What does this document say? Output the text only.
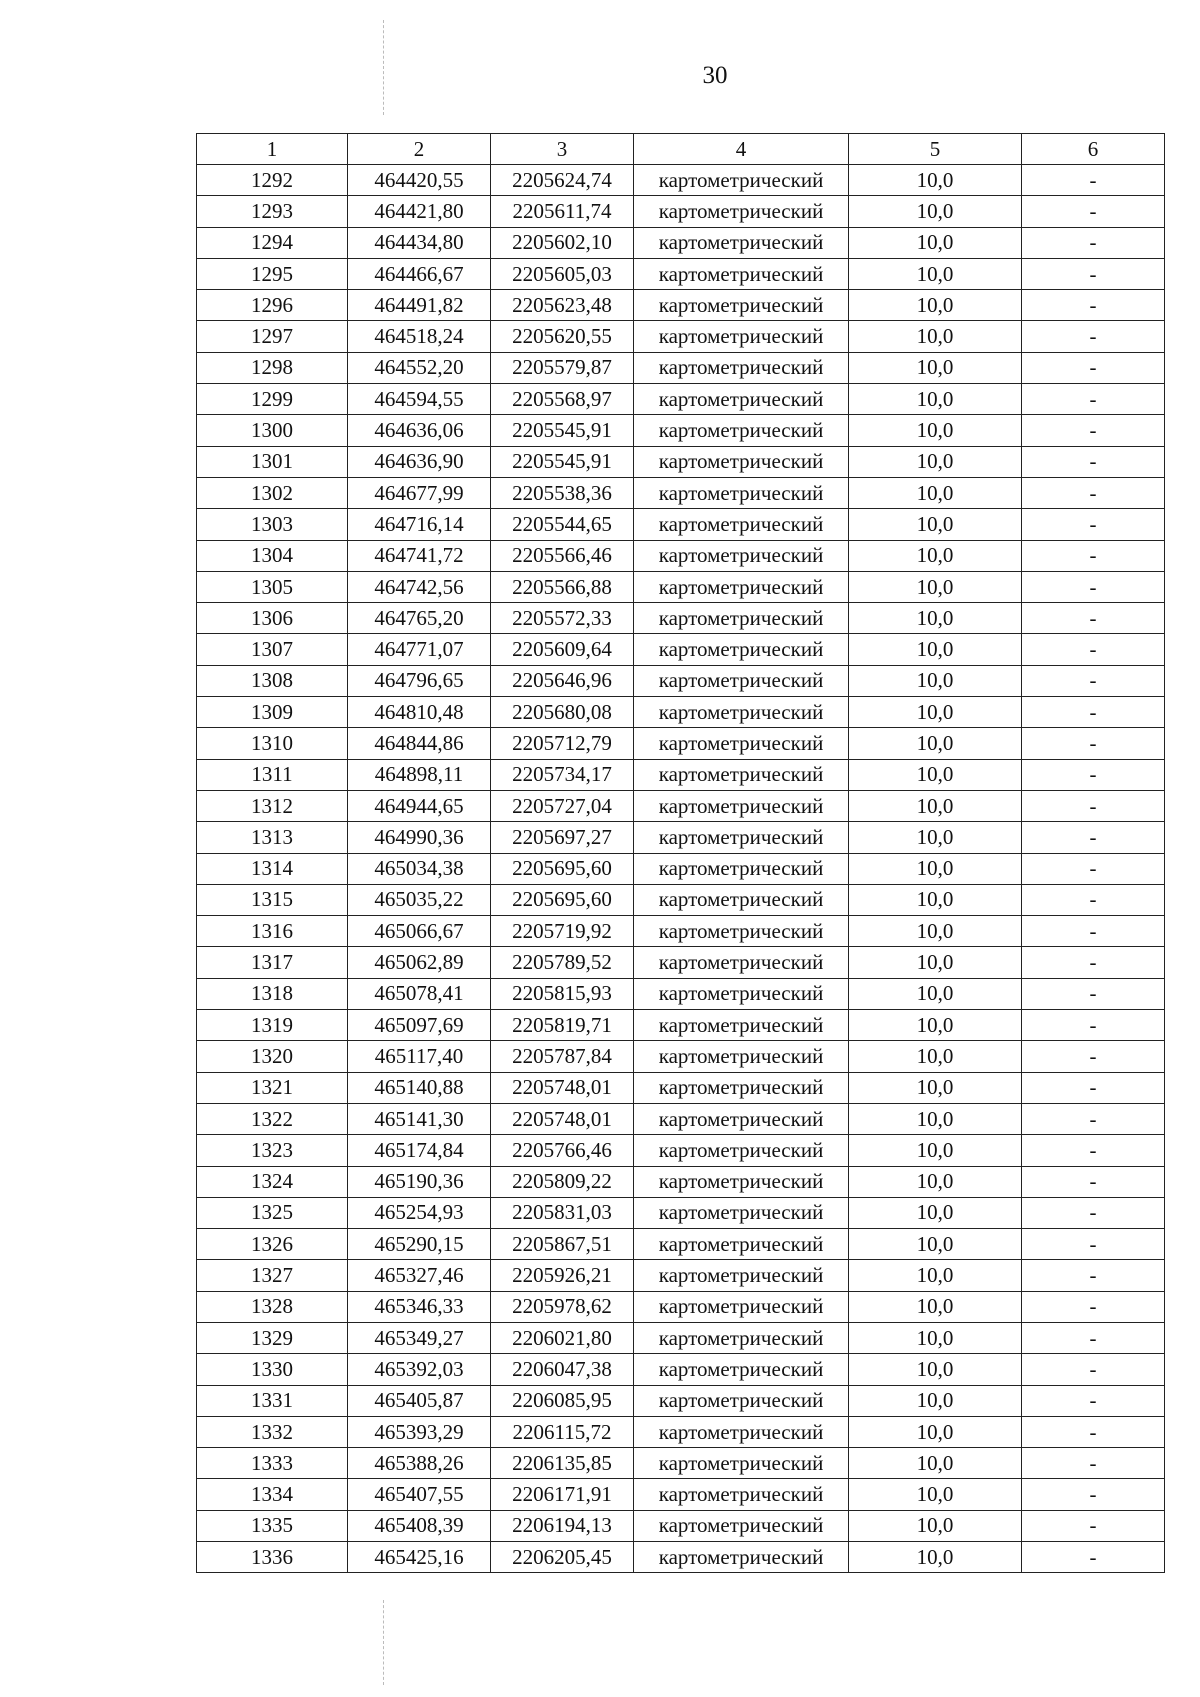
30
1	2	3	4	5	6
1292	464420,55	2205624,74	картометрический	10,0	-
1293	464421,80	2205611,74	картометрический	10,0	-
1294	464434,80	2205602,10	картометрический	10,0	-
1295	464466,67	2205605,03	картометрический	10,0	-
1296	464491,82	2205623,48	картометрический	10,0	-
1297	464518,24	2205620,55	картометрический	10,0	-
1298	464552,20	2205579,87	картометрический	10,0	-
1299	464594,55	2205568,97	картометрический	10,0	-
1300	464636,06	2205545,91	картометрический	10,0	-
1301	464636,90	2205545,91	картометрический	10,0	-
1302	464677,99	2205538,36	картометрический	10,0	-
1303	464716,14	2205544,65	картометрический	10,0	-
1304	464741,72	2205566,46	картометрический	10,0	-
1305	464742,56	2205566,88	картометрический	10,0	-
1306	464765,20	2205572,33	картометрический	10,0	-
1307	464771,07	2205609,64	картометрический	10,0	-
1308	464796,65	2205646,96	картометрический	10,0	-
1309	464810,48	2205680,08	картометрический	10,0	-
1310	464844,86	2205712,79	картометрический	10,0	-
1311	464898,11	2205734,17	картометрический	10,0	-
1312	464944,65	2205727,04	картометрический	10,0	-
1313	464990,36	2205697,27	картометрический	10,0	-
1314	465034,38	2205695,60	картометрический	10,0	-
1315	465035,22	2205695,60	картометрический	10,0	-
1316	465066,67	2205719,92	картометрический	10,0	-
1317	465062,89	2205789,52	картометрический	10,0	-
1318	465078,41	2205815,93	картометрический	10,0	-
1319	465097,69	2205819,71	картометрический	10,0	-
1320	465117,40	2205787,84	картометрический	10,0	-
1321	465140,88	2205748,01	картометрический	10,0	-
1322	465141,30	2205748,01	картометрический	10,0	-
1323	465174,84	2205766,46	картометрический	10,0	-
1324	465190,36	2205809,22	картометрический	10,0	-
1325	465254,93	2205831,03	картометрический	10,0	-
1326	465290,15	2205867,51	картометрический	10,0	-
1327	465327,46	2205926,21	картометрический	10,0	-
1328	465346,33	2205978,62	картометрический	10,0	-
1329	465349,27	2206021,80	картометрический	10,0	-
1330	465392,03	2206047,38	картометрический	10,0	-
1331	465405,87	2206085,95	картометрический	10,0	-
1332	465393,29	2206115,72	картометрический	10,0	-
1333	465388,26	2206135,85	картометрический	10,0	-
1334	465407,55	2206171,91	картометрический	10,0	-
1335	465408,39	2206194,13	картометрический	10,0	-
1336	465425,16	2206205,45	картометрический	10,0	-
